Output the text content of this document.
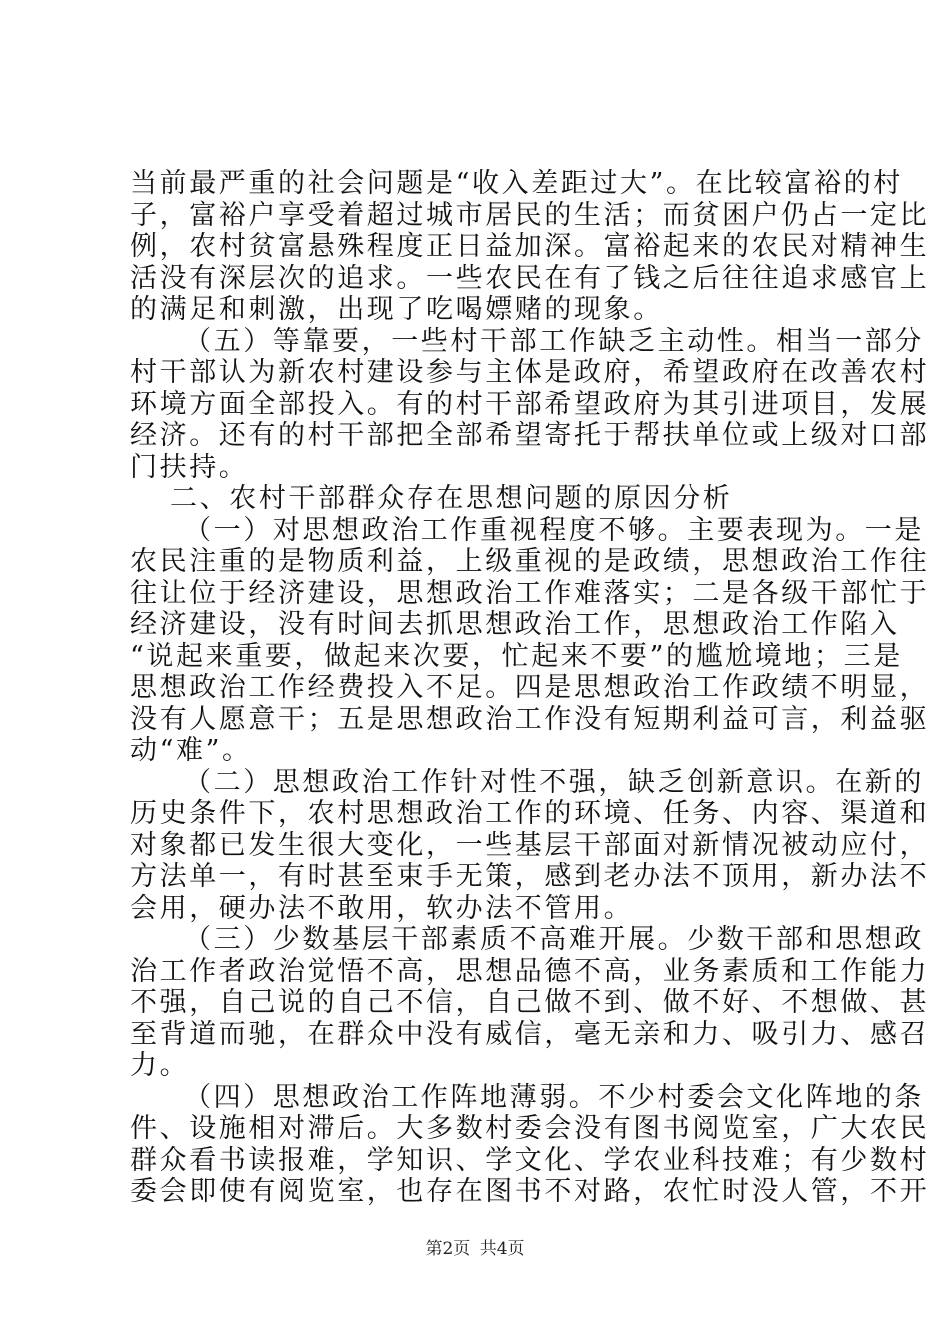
当前最严重的社会问题是“收入差距过大”。在比较富裕的村
子，富裕户享受着超过城市居民的生活；而贫困户仍占一定比
例，农村贫富悬殊程度正日益加深。富裕起来的农民对精神生
活没有深层次的追求。一些农民在有了钱之后往往追求感官上
的满足和刺激，出现了吃喝嫖赌的现象。
（五）等靠要，一些村干部工作缺乏主动性。相当一部分
村干部认为新农村建设参与主体是政府，希望政府在改善农村
环境方面全部投入。有的村干部希望政府为其引进项目，发展
经济。还有的村干部把全部希望寄托于帮扶单位或上级对口部
门扶持。
二、农村干部群众存在思想问题的原因分析
（一）对思想政治工作重视程度不够。主要表现为。一是
农民注重的是物质利益，上级重视的是政绩，思想政治工作往
往让位于经济建设，思想政治工作难落实；二是各级干部忙于
经济建设，没有时间去抓思想政治工作，思想政治工作陷入
“说起来重要，做起来次要，忙起来不要”的尴尬境地；三是
思想政治工作经费投入不足。四是思想政治工作政绩不明显，
没有人愿意干；五是思想政治工作没有短期利益可言，利益驱
动“难”。
（二）思想政治工作针对性不强，缺乏创新意识。在新的
历史条件下，农村思想政治工作的环境、任务、内容、渠道和
对象都已发生很大变化，一些基层干部面对新情况被动应付，
方法单一，有时甚至束手无策，感到老办法不顶用，新办法不
会用，硬办法不敢用，软办法不管用。
（三）少数基层干部素质不高难开展。少数干部和思想政
治工作者政治觉悟不高，思想品德不高，业务素质和工作能力
不强，自己说的自己不信，自己做不到、做不好、不想做、甚
至背道而驰，在群众中没有威信，毫无亲和力、吸引力、感召
力。
（四）思想政治工作阵地薄弱。不少村委会文化阵地的条
件、设施相对滞后。大多数村委会没有图书阅览室，广大农民
群众看书读报难，学知识、学文化、学农业科技难；有少数村
委会即使有阅览室，也存在图书不对路，农忙时没人管，不开
第2页 共4页
